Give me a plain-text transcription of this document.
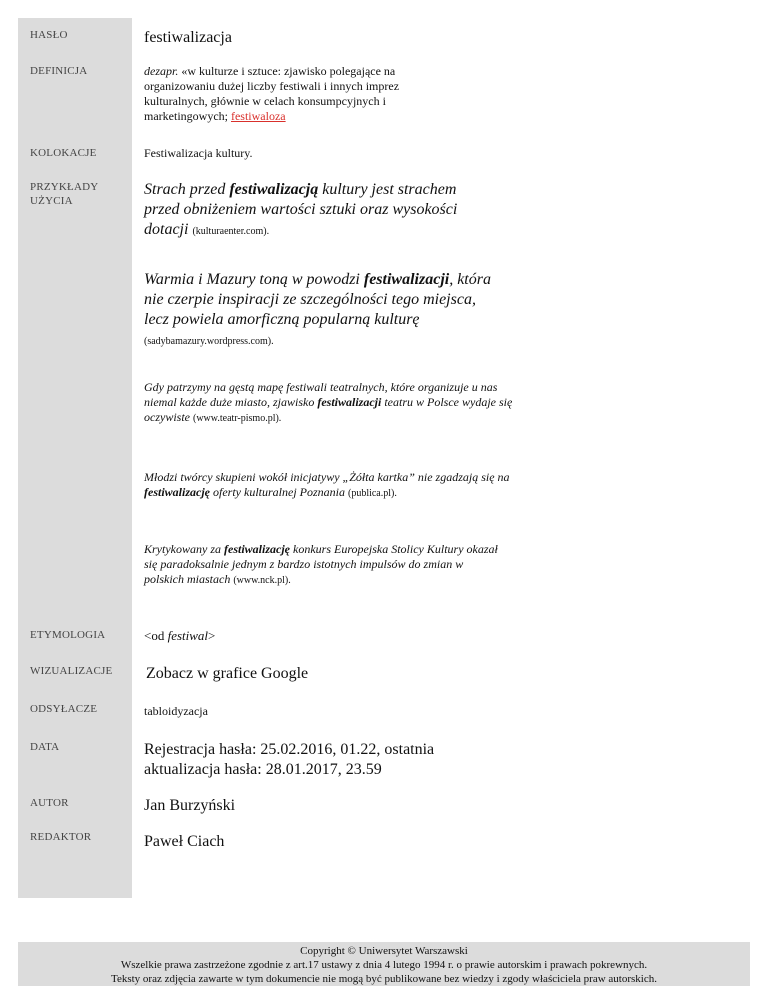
HASŁO	festiwalizacja
DEFINICJA	dezapr. «w kulturze i sztuce: zjawisko polegające na organizowaniu dużej liczby festiwali i innych imprez kulturalnych, głównie w celach konsumpcyjnych i marketingowych; festiwaloza
KOLOKACJE	Festiwalizacja kultury.
PRZYKŁADY UŻYCIA
Strach przed festiwalizacją kultury jest strachem przed obniżeniem wartości sztuki oraz wysokości dotacji (kulturaenter.com).
Warmia i Mazury toną w powodzi festiwalizacji, która nie czerpie inspiracji ze szczególności tego miejsca, lecz powiela amorficzną popularną kulturę (sadybamazury.wordpress.com).
Gdy patrzymy na gęstą mapę festiwali teatralnych, które organizuje u nas niemal każde duże miasto, zjawisko festiwalizacji teatru w Polsce wydaje się oczywiste (www.teatr-pismo.pl).
Młodzi twórcy skupieni wokół inicjatywy „Żółta kartka” nie zgadzają się na festiwalizację oferty kulturalnej Poznania (publica.pl).
Krytykowany za festiwalizację konkurs Europejska Stolicy Kultury okazał się paradoksalnie jednym z bardzo istotnych impulsów do zmian w polskich miastach (www.nck.pl).
ETYMOLOGIA	<od festiwal>
WIZUALIZACJE Zobacz w grafice Google
ODSYŁACZE	tabloidyzacja
DATA	Rejestracja hasła: 25.02.2016, 01.22, ostatnia aktualizacja hasła: 28.01.2017, 23.59
AUTOR	Jan Burzyński
REDAKTOR	Paweł Ciach
Copyright © Uniwersytet Warszawski
Wszelkie prawa zastrzeżone zgodnie z art.17 ustawy z dnia 4 lutego 1994 r. o prawie autorskim i prawach pokrewnych.
Teksty oraz zdjęcia zawarte w tym dokumencie nie mogą być publikowane bez wiedzy i zgody właściciela praw autorskich.
